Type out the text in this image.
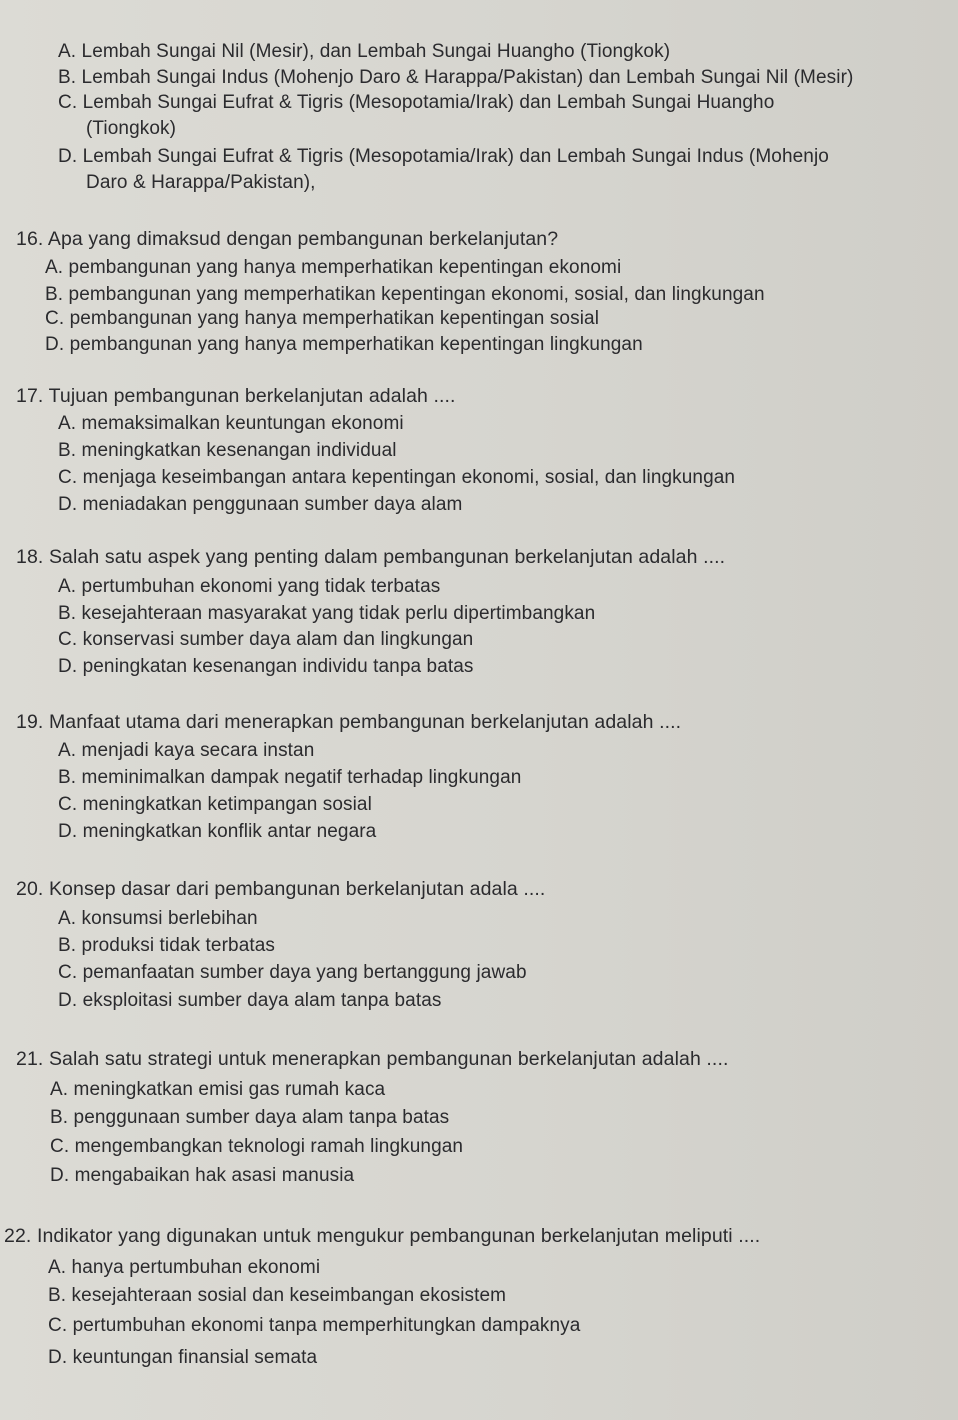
A. Lembah Sungai Nil (Mesir), dan Lembah Sungai Huangho (Tiongkok)
B. Lembah Sungai Indus (Mohenjo Daro & Harappa/Pakistan) dan Lembah Sungai Nil (Mesir)
C. Lembah Sungai Eufrat & Tigris (Mesopotamia/Irak) dan Lembah Sungai Huangho
(Tiongkok)
D. Lembah Sungai Eufrat & Tigris (Mesopotamia/Irak) dan Lembah Sungai Indus (Mohenjo
Daro & Harappa/Pakistan),
16. Apa yang dimaksud dengan pembangunan berkelanjutan?
A. pembangunan yang hanya memperhatikan kepentingan ekonomi
B. pembangunan yang memperhatikan kepentingan ekonomi, sosial, dan lingkungan
C. pembangunan yang hanya memperhatikan kepentingan sosial
D. pembangunan yang hanya memperhatikan kepentingan lingkungan
17. Tujuan pembangunan berkelanjutan adalah ....
A. memaksimalkan keuntungan ekonomi
B. meningkatkan kesenangan individual
C. menjaga keseimbangan antara kepentingan ekonomi, sosial, dan lingkungan
D. meniadakan penggunaan sumber daya alam
18. Salah satu aspek yang penting dalam pembangunan berkelanjutan adalah ....
A. pertumbuhan ekonomi yang tidak terbatas
B. kesejahteraan masyarakat yang tidak perlu dipertimbangkan
C. konservasi sumber daya alam dan lingkungan
D. peningkatan kesenangan individu tanpa batas
19. Manfaat utama dari menerapkan pembangunan berkelanjutan adalah ....
A. menjadi kaya secara instan
B. meminimalkan dampak negatif terhadap lingkungan
C. meningkatkan ketimpangan sosial
D. meningkatkan konflik antar negara
20. Konsep dasar dari pembangunan berkelanjutan adala ....
A. konsumsi berlebihan
B. produksi tidak terbatas
C. pemanfaatan sumber daya yang bertanggung jawab
D. eksploitasi sumber daya alam tanpa batas
21. Salah satu strategi untuk menerapkan pembangunan berkelanjutan adalah ....
A. meningkatkan emisi gas rumah kaca
B. penggunaan sumber daya alam tanpa batas
C. mengembangkan teknologi ramah lingkungan
D. mengabaikan hak asasi manusia
22. Indikator yang digunakan untuk mengukur pembangunan berkelanjutan meliputi ....
A. hanya pertumbuhan ekonomi
B. kesejahteraan sosial dan keseimbangan ekosistem
C. pertumbuhan ekonomi tanpa memperhitungkan dampaknya
D. keuntungan finansial semata
